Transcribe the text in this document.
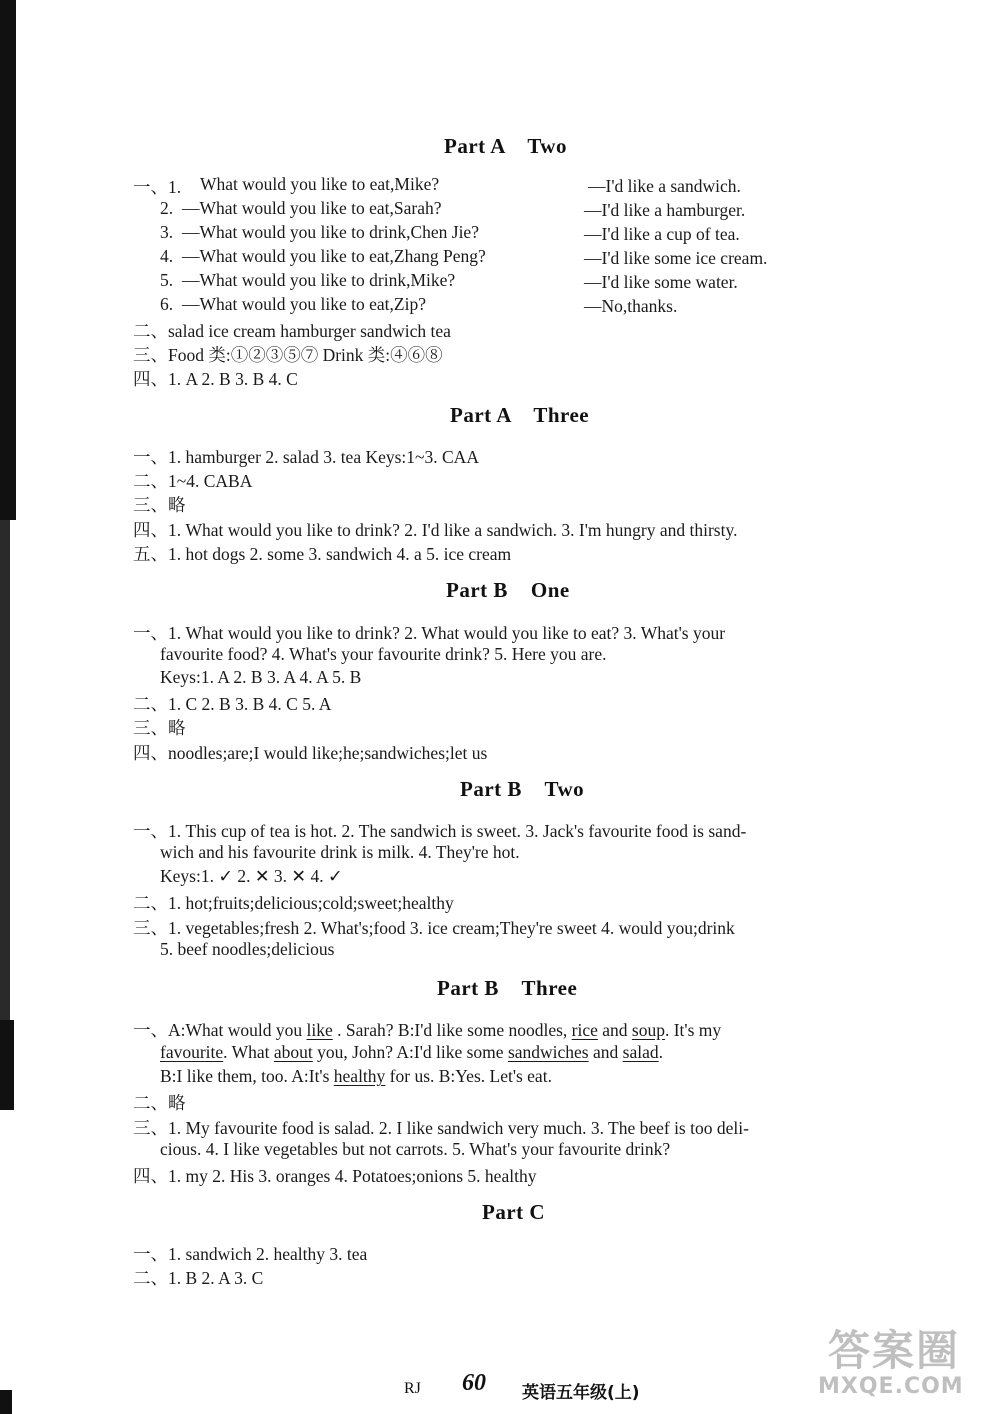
Part A    Two
一、1. What would you like to eat,Mike?	—I'd like a sandwich.
2. —What would you like to eat,Sarah?	—I'd like a hamburger.
3. —What would you like to drink,Chen Jie?	—I'd like a cup of tea.
4. —What would you like to eat,Zhang Peng?	—I'd like some ice cream.
5. —What would you like to drink,Mike?	—I'd like some water.
6. —What would you like to eat,Zip?	—No,thanks.
二、salad ice cream hamburger sandwich tea
三、Food 类:①②③⑤⑦ Drink 类:④⑥⑧
四、1. A 2. B 3. B 4. C
Part A    Three
一、1. hamburger 2. salad 3. tea Keys:1~3. CAA
二、1~4. CABA
三、略
四、1. What would you like to drink? 2. I'd like a sandwich. 3. I'm hungry and thirsty.
五、1. hot dogs 2. some 3. sandwich 4. a 5. ice cream
Part B    One
一、1. What would you like to drink? 2. What would you like to eat? 3. What's your
favourite food? 4. What's your favourite drink? 5. Here you are.
Keys:1. A 2. B 3. A 4. A 5. B
二、1. C 2. B 3. B 4. C 5. A
三、略
四、noodles;are;I would like;he;sandwiches;let us
Part B    Two
一、1. This cup of tea is hot. 2. The sandwich is sweet. 3. Jack's favourite food is sand-
wich and his favourite drink is milk. 4. They're hot.
Keys:1. ✓ 2. ✕ 3. ✕ 4. ✓
二、1. hot;fruits;delicious;cold;sweet;healthy
三、1. vegetables;fresh 2. What's;food 3. ice cream;They're sweet 4. would you;drink
5. beef noodles;delicious
Part B    Three
一、A:What would you like . Sarah? B:I'd like some noodles, rice and soup. It's my
favourite. What about you, John? A:I'd like some sandwiches and salad.
B:I like them, too. A:It's healthy for us. B:Yes. Let's eat.
二、略
三、1. My favourite food is salad. 2. I like sandwich very much. 3. The beef is too deli-
cious. 4. I like vegetables but not carrots. 5. What's your favourite drink?
四、1. my 2. His 3. oranges 4. Potatoes;onions 5. healthy
Part C
一、1. sandwich 2. healthy 3. tea
二、1. B 2. A 3. C
RJ 60 英语五年级(上)
答案圈
MXQE.COM
